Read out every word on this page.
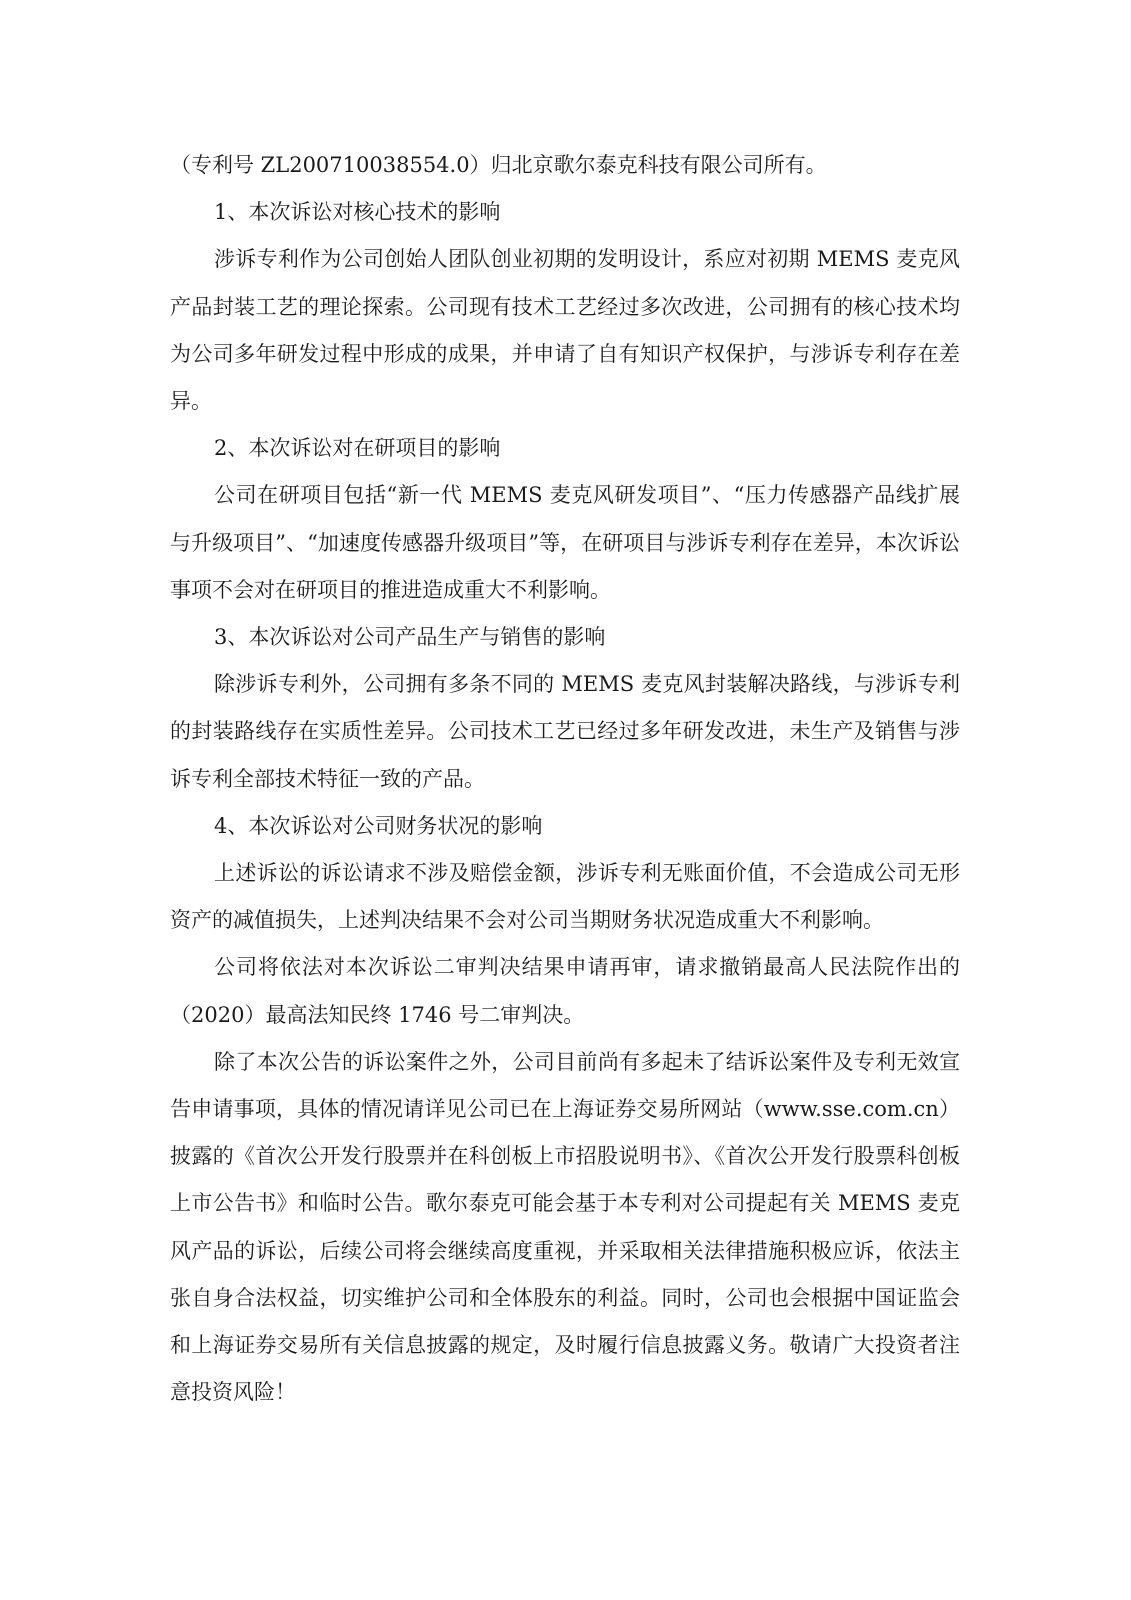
（专利号 ZL200710038554.0）归北京歌尔泰克科技有限公司所有。

1、本次诉讼对核心技术的影响

涉诉专利作为公司创始人团队创业初期的发明设计，系应对初期 MEMS 麦克风产品封装工艺的理论探索。公司现有技术工艺经过多次改进，公司拥有的核心技术均为公司多年研发过程中形成的成果，并申请了自有知识产权保护，与涉诉专利存在差异。

2、本次诉讼对在研项目的影响

公司在研项目包括“新一代 MEMS 麦克风研发项目”、“压力传感器产品线扩展与升级项目”、“加速度传感器升级项目”等，在研项目与涉诉专利存在差异，本次诉讼事项不会对在研项目的推进造成重大不利影响。

3、本次诉讼对公司产品生产与销售的影响

除涉诉专利外，公司拥有多条不同的 MEMS 麦克风封装解决路线，与涉诉专利的封装路线存在实质性差异。公司技术工艺已经过多年研发改进，未生产及销售与涉诉专利全部技术特征一致的产品。

4、本次诉讼对公司财务状况的影响

上述诉讼的诉讼请求不涉及赔偿金额，涉诉专利无账面价值，不会造成公司无形资产的减值损失，上述判决结果不会对公司当期财务状况造成重大不利影响。

公司将依法对本次诉讼二审判决结果申请再审，请求撤销最高人民法院作出的（2020）最高法知民终 1746 号二审判决。

除了本次公告的诉讼案件之外，公司目前尚有多起未了结诉讼案件及专利无效宣告申请事项，具体的情况请详见公司已在上海证券交易所网站（www.sse.com.cn）披露的《首次公开发行股票并在科创板上市招股说明书》、《首次公开发行股票科创板上市公告书》和临时公告。歌尔泰克可能会基于本专利对公司提起有关 MEMS 麦克风产品的诉讼，后续公司将会继续高度重视，并采取相关法律措施积极应诉，依法主张自身合法权益，切实维护公司和全体股东的利益。同时，公司也会根据中国证监会和上海证券交易所有关信息披露的规定，及时履行信息披露义务。敬请广大投资者注意投资风险！
